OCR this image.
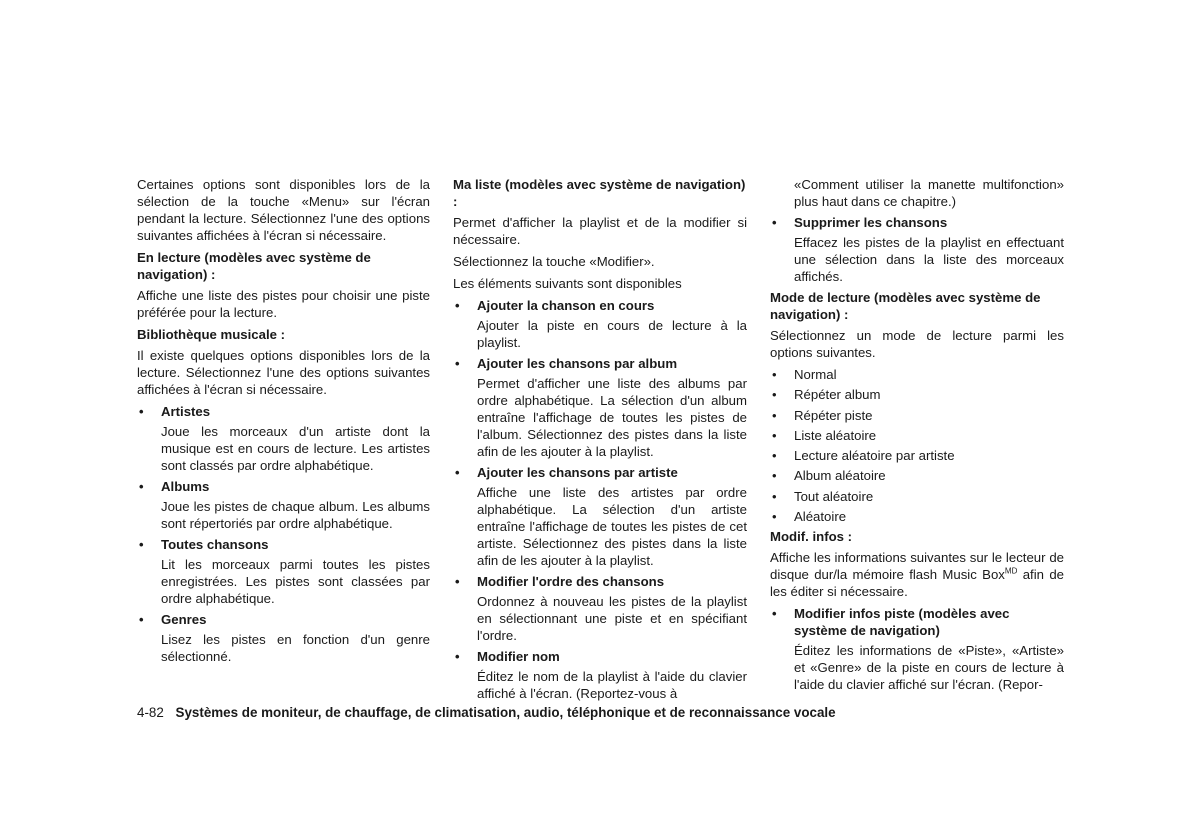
Certaines options sont disponibles lors de la sélection de la touche «Menu» sur l'écran pendant la lecture. Sélectionnez l'une des options suivantes affichées à l'écran si nécessaire.

En lecture (modèles avec système de navigation) :

Affiche une liste des pistes pour choisir une piste préférée pour la lecture.

Bibliothèque musicale :

Il existe quelques options disponibles lors de la lecture. Sélectionnez l'une des options suivantes affichées à l'écran si nécessaire.

• Artistes

Joue les morceaux d'un artiste dont la musique est en cours de lecture. Les artistes sont classés par ordre alphabétique.

• Albums

Joue les pistes de chaque album. Les albums sont répertoriés par ordre alphabétique.

• Toutes chansons

Lit les morceaux parmi toutes les pistes enregistrées. Les pistes sont classées par ordre alphabétique.

• Genres

Lisez les pistes en fonction d'un genre sélectionné.

Ma liste (modèles avec système de navigation) :

Permet d'afficher la playlist et de la modifier si nécessaire.

Sélectionnez la touche «Modifier».

Les éléments suivants sont disponibles

• Ajouter la chanson en cours

Ajouter la piste en cours de lecture à la playlist.

• Ajouter les chansons par album

Permet d'afficher une liste des albums par ordre alphabétique. La sélection d'un album entraîne l'affichage de toutes les pistes de l'album. Sélectionnez des pistes dans la liste afin de les ajouter à la playlist.

• Ajouter les chansons par artiste

Affiche une liste des artistes par ordre alphabétique. La sélection d'un artiste entraîne l'affichage de toutes les pistes de cet artiste. Sélectionnez des pistes dans la liste afin de les ajouter à la playlist.

• Modifier l'ordre des chansons

Ordonnez à nouveau les pistes de la playlist en sélectionnant une piste et en spécifiant l'ordre.

• Modifier nom

Éditez le nom de la playlist à l'aide du clavier affiché à l'écran. (Reportez-vous à

«Comment utiliser la manette multifonction» plus haut dans ce chapitre.)

• Supprimer les chansons

Effacez les pistes de la playlist en effectuant une sélection dans la liste des morceaux affichés.

Mode de lecture (modèles avec système de navigation) :

Sélectionnez un mode de lecture parmi les options suivantes.

• Normal

• Répéter album

• Répéter piste

• Liste aléatoire

• Lecture aléatoire par artiste

• Album aléatoire

• Tout aléatoire

• Aléatoire

Modif. infos :

Affiche les informations suivantes sur le lecteur de disque dur/la mémoire flash Music Box$^{MD}$ afin de les éditer si nécessaire.

• Modifier infos piste (modèles avec système de navigation)

Éditez les informations de «Piste», «Artiste» et «Genre» de la piste en cours de lecture à l'aide du clavier affiché sur l'écran. (Repor-

4-82 Systèmes de moniteur, de chauffage, de climatisation, audio, téléphonique et de reconnaissance vocale
